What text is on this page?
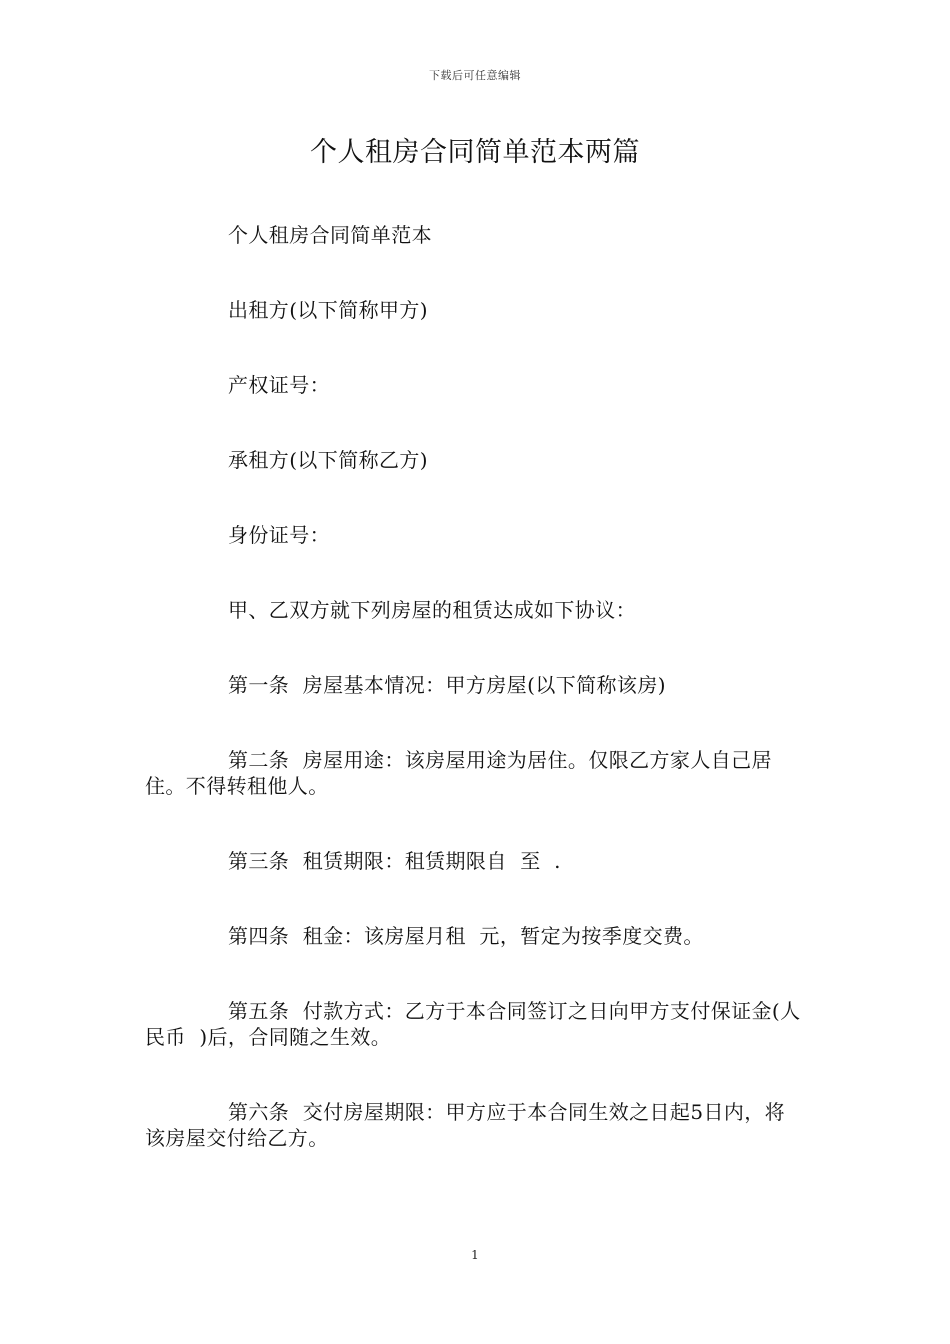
下载后可任意编辑
个人租房合同简单范本两篇

个人租房合同简单范本

出租方(以下简称甲方)

产权证号：

承租方(以下简称乙方)

身份证号：

甲、乙双方就下列房屋的租赁达成如下协议：

第一条  房屋基本情况：甲方房屋(以下简称该房)

第二条  房屋用途：该房屋用途为居住。仅限乙方家人自己居住。不得转租他人。

第三条  租赁期限：租赁期限自  至  .

第四条  租金：该房屋月租  元，暂定为按季度交费。

第五条  付款方式：乙方于本合同签订之日向甲方支付保证金(人民币  )后，合同随之生效。

第六条  交付房屋期限：甲方应于本合同生效之日起5日内，将该房屋交付给乙方。

1
